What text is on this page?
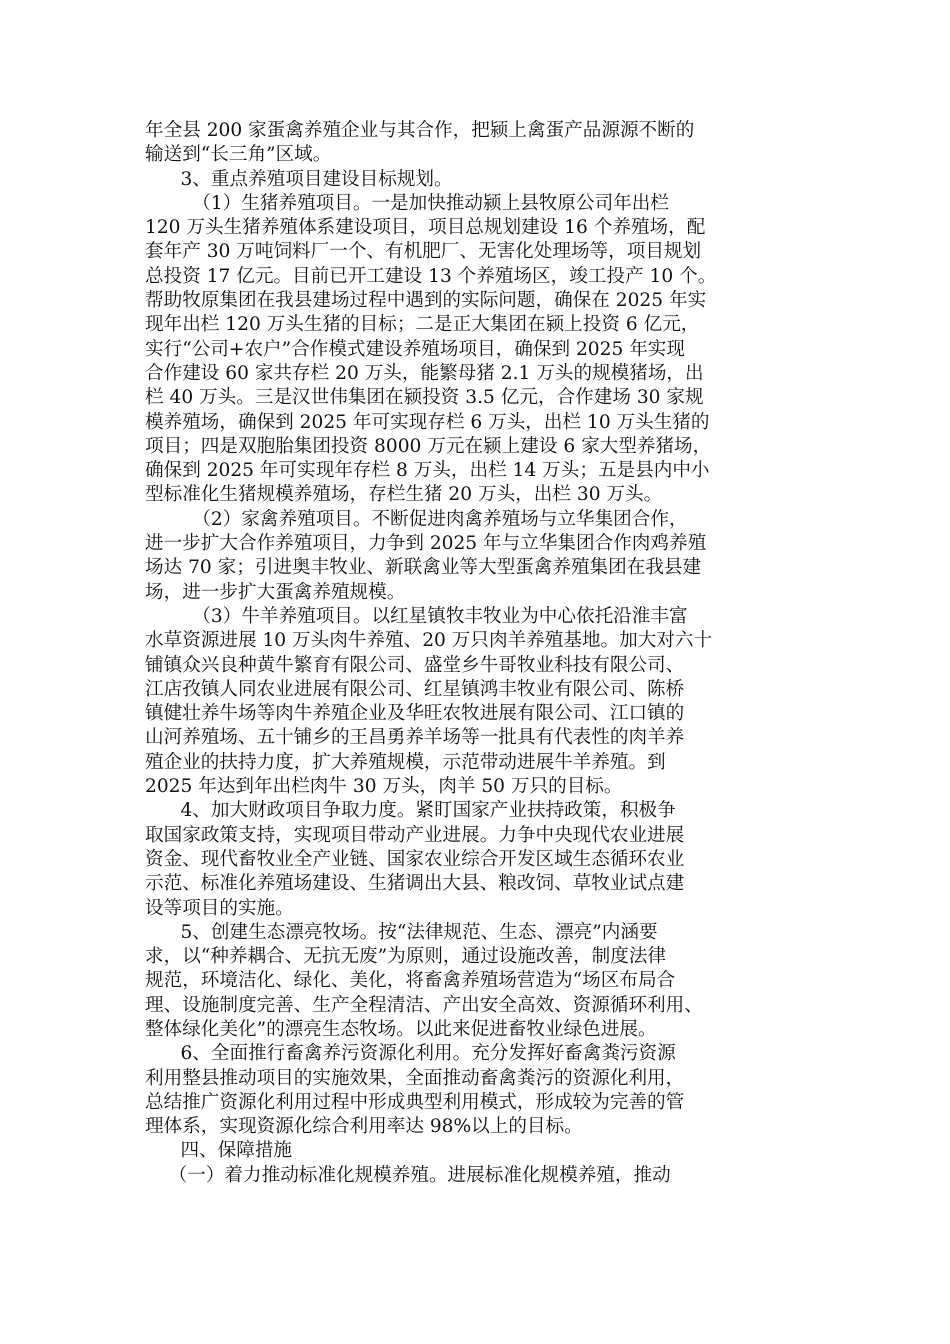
年全县 200 家蛋禽养殖企业与其合作，把颍上禽蛋产品源源不断的
输送到“长三角”区域。
3、重点养殖项目建设目标规划。
（1）生猪养殖项目。一是加快推动颍上县牧原公司年出栏
120 万头生猪养殖体系建设项目，项目总规划建设 16 个养殖场，配
套年产 30 万吨饲料厂一个、有机肥厂、无害化处理场等，项目规划
总投资 17 亿元。目前已开工建设 13 个养殖场区，竣工投产 10 个。
帮助牧原集团在我县建场过程中遇到的实际问题，确保在 2025 年实
现年出栏 120 万头生猪的目标；二是正大集团在颍上投资 6 亿元，
实行“公司+农户”合作模式建设养殖场项目，确保到 2025 年实现
合作建设 60 家共存栏 20 万头，能繁母猪 2.1 万头的规模猪场，出
栏 40 万头。三是汉世伟集团在颍投资 3.5 亿元，合作建场 30 家规
模养殖场，确保到 2025 年可实现存栏 6 万头，出栏 10 万头生猪的
项目；四是双胞胎集团投资 8000 万元在颍上建设 6 家大型养猪场，
确保到 2025 年可实现年存栏 8 万头，出栏 14 万头；五是县内中小
型标准化生猪规模养殖场，存栏生猪 20 万头，出栏 30 万头。
（2）家禽养殖项目。不断促进肉禽养殖场与立华集团合作，
进一步扩大合作养殖项目，力争到 2025 年与立华集团合作肉鸡养殖
场达 70 家；引进奥丰牧业、新联禽业等大型蛋禽养殖集团在我县建
场，进一步扩大蛋禽养殖规模。
（3）牛羊养殖项目。以红星镇牧丰牧业为中心依托沿淮丰富
水草资源进展 10 万头肉牛养殖、20 万只肉羊养殖基地。加大对六十
铺镇众兴良种黄牛繁育有限公司、盛堂乡牛哥牧业科技有限公司、
江店孜镇人同农业进展有限公司、红星镇鸿丰牧业有限公司、陈桥
镇健壮养牛场等肉牛养殖企业及华旺农牧进展有限公司、江口镇的
山河养殖场、五十铺乡的王昌勇养羊场等一批具有代表性的肉羊养
殖企业的扶持力度，扩大养殖规模，示范带动进展牛羊养殖。到
2025 年达到年出栏肉牛 30 万头，肉羊 50 万只的目标。
4、加大财政项目争取力度。紧盯国家产业扶持政策，积极争
取国家政策支持，实现项目带动产业进展。力争中央现代农业进展
资金、现代畜牧业全产业链、国家农业综合开发区域生态循环农业
示范、标准化养殖场建设、生猪调出大县、粮改饲、草牧业试点建
设等项目的实施。
5、创建生态漂亮牧场。按“法律规范、生态、漂亮”内涵要
求，以“种养耦合、无抗无废”为原则，通过设施改善，制度法律
规范，环境洁化、绿化、美化，将畜禽养殖场营造为“场区布局合
理、设施制度完善、生产全程清洁、产出安全高效、资源循环利用、
整体绿化美化”的漂亮生态牧场。以此来促进畜牧业绿色进展。
6、全面推行畜禽养污资源化利用。充分发挥好畜禽粪污资源
利用整县推动项目的实施效果，全面推动畜禽粪污的资源化利用，
总结推广资源化利用过程中形成典型利用模式，形成较为完善的管
理体系，实现资源化综合利用率达 98%以上的目标。
四、保障措施
（一）着力推动标准化规模养殖。进展标准化规模养殖，推动
